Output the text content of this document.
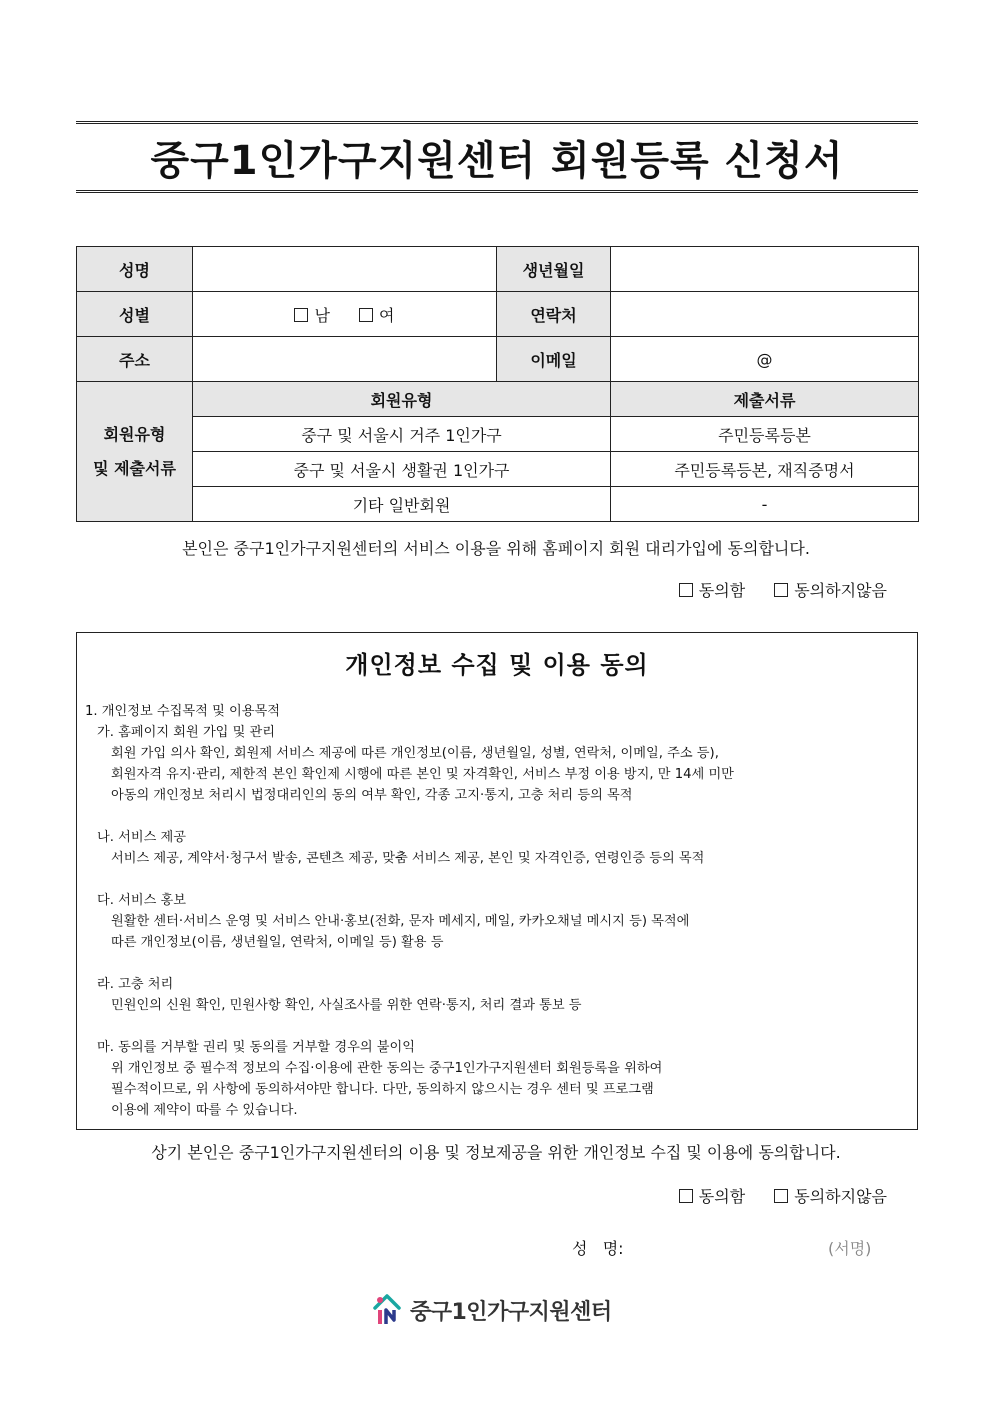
중구1인가구지원센터 회원등록 신청서
성명		생년월일	
성별	남 여	연락처	
주소		이메일	@

회원유형
및 제출서류	회원유형		제출서류
	중구 및 서울시 거주 1인가구		주민등록등본
	중구 및 서울시 생활권 1인가구		주민등록등본, 재직증명서
	기타 일반회원		-
본인은 중구1인가구지원센터의 서비스 이용을 위해 홈페이지 회원 대리가입에 동의합니다.
동의함	동의하지않음
개인정보 수집 및 이용 동의
1. 개인정보 수집목적 및 이용목적
가. 홈페이지 회원 가입 및 관리
회원 가입 의사 확인, 회원제 서비스 제공에 따른 개인정보(이름, 생년월일, 성별, 연락처, 이메일, 주소 등),
회원자격 유지·관리, 제한적 본인 확인제 시행에 따른 본인 및 자격확인, 서비스 부정 이용 방지, 만 14세 미만
아동의 개인정보 처리시 법정대리인의 동의 여부 확인, 각종 고지·통지, 고충 처리 등의 목적
나. 서비스 제공
서비스 제공, 계약서·청구서 발송, 콘텐츠 제공, 맞춤 서비스 제공, 본인 및 자격인증, 연령인증 등의 목적
다. 서비스 홍보
원활한 센터·서비스 운영 및 서비스 안내·홍보(전화, 문자 메세지, 메일, 카카오채널 메시지 등) 목적에
따른 개인정보(이름, 생년월일, 연락처, 이메일 등) 활용 등
라. 고충 처리
민원인의 신원 확인, 민원사항 확인, 사실조사를 위한 연락·통지, 처리 결과 통보 등
마. 동의를 거부할 권리 및 동의를 거부할 경우의 불이익
위 개인정보 중 필수적 정보의 수집·이용에 관한 동의는 중구1인가구지원센터 회원등록을 위하여
필수적이므로, 위 사항에 동의하셔야만 합니다. 다만, 동의하지 않으시는 경우 센터 및 프로그램
이용에 제약이 따를 수 있습니다.
상기 본인은 중구1인가구지원센터의 이용 및 정보제공을 위한 개인정보 수집 및 이용에 동의합니다.
동의함	동의하지않음
성   명:	(서명)
중구1인가구지원센터
